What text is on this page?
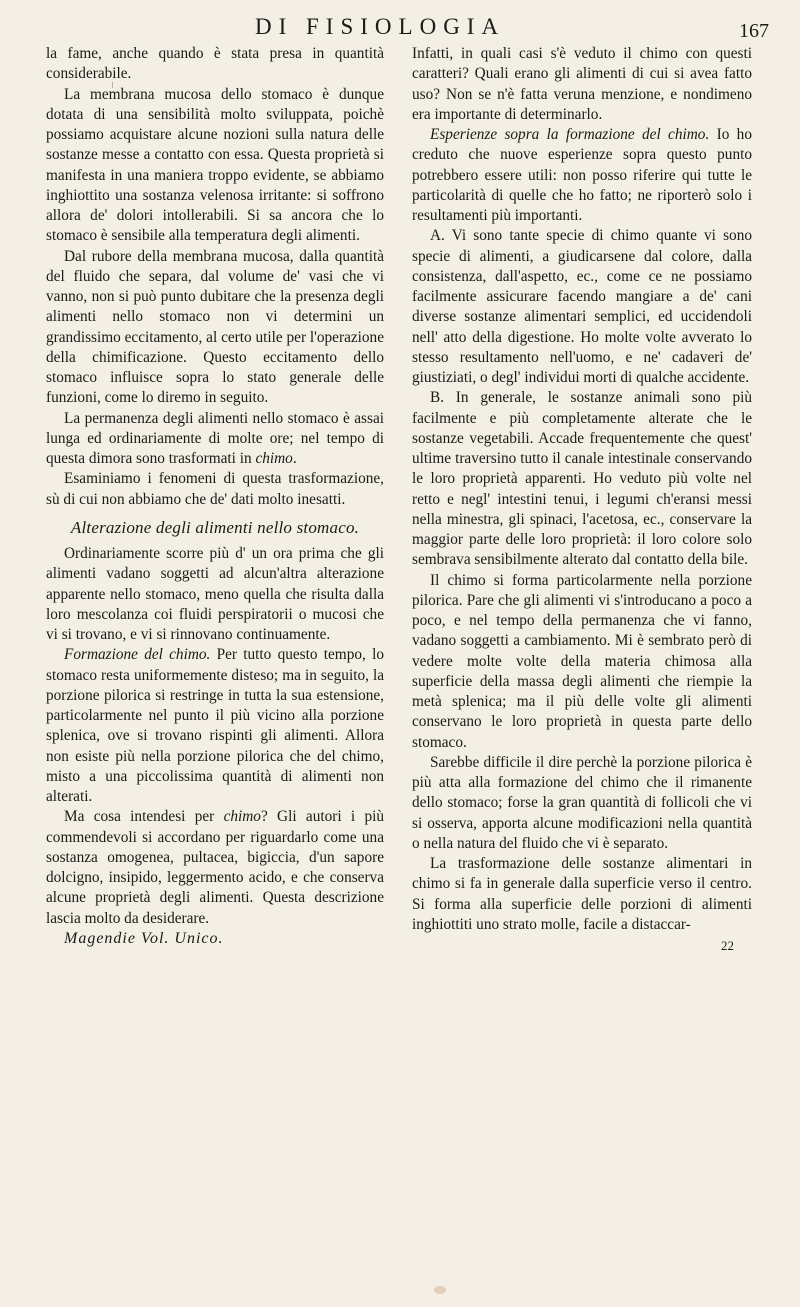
DI FISIOLOGIA	167

la fame, anche quando è stata presa in quantità considerabile.

La membrana mucosa dello stomaco è dunque dotata di una sensibilità molto sviluppata, poichè possiamo acquistare alcune nozioni sulla natura delle sostanze messe a contatto con essa. Questa proprietà si manifesta in una maniera troppo evidente, se abbiamo inghiottito una sostanza velenosa irritante: si soffrono allora de' dolori intollerabili. Si sa ancora che lo stomaco è sensibile alla temperatura degli alimenti.

Dal rubore della membrana mucosa, dalla quantità del fluido che separa, dal volume de' vasi che vi vanno, non si può punto dubitare che la presenza degli alimenti nello stomaco non vi determini un grandissimo eccitamento, al certo utile per l'operazione della chimificazione. Questo eccitamento dello stomaco influisce sopra lo stato generale delle funzioni, come lo diremo in seguito.

La permanenza degli alimenti nello stomaco è assai lunga ed ordinariamente di molte ore; nel tempo di questa dimora sono trasformati in chimo.

Esaminiamo i fenomeni di questa trasformazione, sù di cui non abbiamo che de' dati molto inesatti.

Alterazione degli alimenti nello stomaco.

Ordinariamente scorre più d' un ora prima che gli alimenti vadano soggetti ad alcun'altra alterazione apparente nello stomaco, meno quella che risulta dalla loro mescolanza coi fluidi perspiratorii o mucosi che vi si trovano, e vi si rinnovano continuamente.

Formazione del chimo. Per tutto questo tempo, lo stomaco resta uniformemente disteso; ma in seguito, la porzione pilorica si restringe in tutta la sua estensione, particolarmente nel punto il più vicino alla porzione splenica, ove si trovano rispinti gli alimenti. Allora non esiste più nella porzione pilorica che del chimo, misto a una piccolissima quantità di alimenti non alterati.

Ma cosa intendesi per chimo? Gli autori i più commendevoli si accordano per riguardarlo come una sostanza omogenea, pultacea, bigiccia, d'un sapore dolcigno, insipido, leggermento acido, e che conserva alcune proprietà degli alimenti. Questa descrizione lascia molto da desiderare.

Magendie Vol. Unico.

Infatti, in quali casi s'è veduto il chimo con questi caratteri? Quali erano gli alimenti di cui si avea fatto uso? Non se n'è fatta veruna menzione, e nondimeno era importante di determinarlo.

Esperienze sopra la formazione del chimo. Io ho creduto che nuove esperienze sopra questo punto potrebbero essere utili: non posso riferire qui tutte le particolarità di quelle che ho fatto; ne riporterò solo i resultamenti più importanti.

A. Vi sono tante specie di chimo quante vi sono specie di alimenti, a giudicarsene dal colore, dalla consistenza, dall'aspetto, ec., come ce ne possiamo facilmente assicurare facendo mangiare a de' cani diverse sostanze alimentari semplici, ed uccidendoli nell' atto della digestione. Ho molte volte avverato lo stesso resultamento nell'uomo, e ne' cadaveri de' giustiziati, o degl' individui morti di qualche accidente.

B. In generale, le sostanze animali sono più facilmente e più completamente alterate che le sostanze vegetabili. Accade frequentemente che quest' ultime traversino tutto il canale intestinale conservando le loro proprietà apparenti. Ho veduto più volte nel retto e negl' intestini tenui, i legumi ch'eransi messi nella minestra, gli spinaci, l'acetosa, ec., conservare la maggior parte delle loro proprietà: il loro colore solo sembrava sensibilmente alterato dal contatto della bile.

Il chimo si forma particolarmente nella porzione pilorica. Pare che gli alimenti vi s'introducano a poco a poco, e nel tempo della permanenza che vi fanno, vadano soggetti a cambiamento. Mi è sembrato però di vedere molte volte della materia chimosa alla superficie della massa degli alimenti che riempie la metà splenica; ma il più delle volte gli alimenti conservano le loro proprietà in questa parte dello stomaco.

Sarebbe difficile il dire perchè la porzione pilorica è più atta alla formazione del chimo che il rimanente dello stomaco; forse la gran quantità di follicoli che vi si osserva, apporta alcune modificazioni nella quantità o nella natura del fluido che vi è separato.

La trasformazione delle sostanze alimentari in chimo si fa in generale dalla superficie verso il centro. Si forma alla superficie delle porzioni di alimenti inghiottiti uno strato molle, facile a distaccar-

22
